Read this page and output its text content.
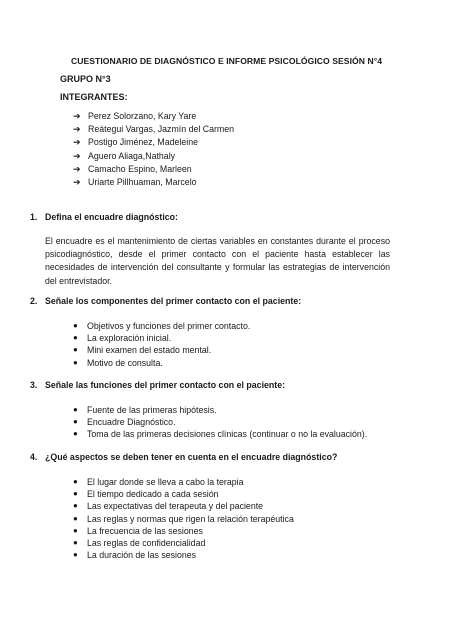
CUESTIONARIO DE DIAGNÓSTICO E INFORME PSICOLÓGICO SESIÓN N°4
GRUPO N°3
INTEGRANTES:
➔ Perez Solorzano, Kary Yare
➔ Reátegui Vargas, Jazmín del Carmen
➔ Postigo Jiménez, Madeleine
➔ Aguero Aliaga,Nathaly
➔ Camacho Espino, Marleen
➔ Uriarte Pillhuaman, Marcelo
1. Defina el encuadre diagnóstico:
El encuadre es el mantenimiento de ciertas variables en constantes durante el proceso psicodiagnóstico, desde el primer contacto con el paciente hasta establecer las necesidades de intervención del consultante y formular las estrategias de intervención del entrevistador.
2. Señale los componentes del primer contacto con el paciente:
● Objetivos y funciones del primer contacto.
● La exploración inicial.
● Mini examen del estado mental.
● Motivo de consulta.
3. Señale las funciones del primer contacto con el paciente:
● Fuente de las primeras hipótesis.
● Encuadre Diagnóstico.
● Toma de las primeras decisiones clínicas (continuar o no la evaluación).
4. ¿Qué aspectos se deben tener en cuenta en el encuadre diagnóstico?
● El lugar donde se lleva a cabo la terapia
● El tiempo dedicado a cada sesión
● Las expectativas del terapeuta y del paciente
● Las reglas y normas que rigen la relación terapéutica
● La frecuencia de las sesiones
● Las reglas de confidencialidad
● La duración de las sesiones
